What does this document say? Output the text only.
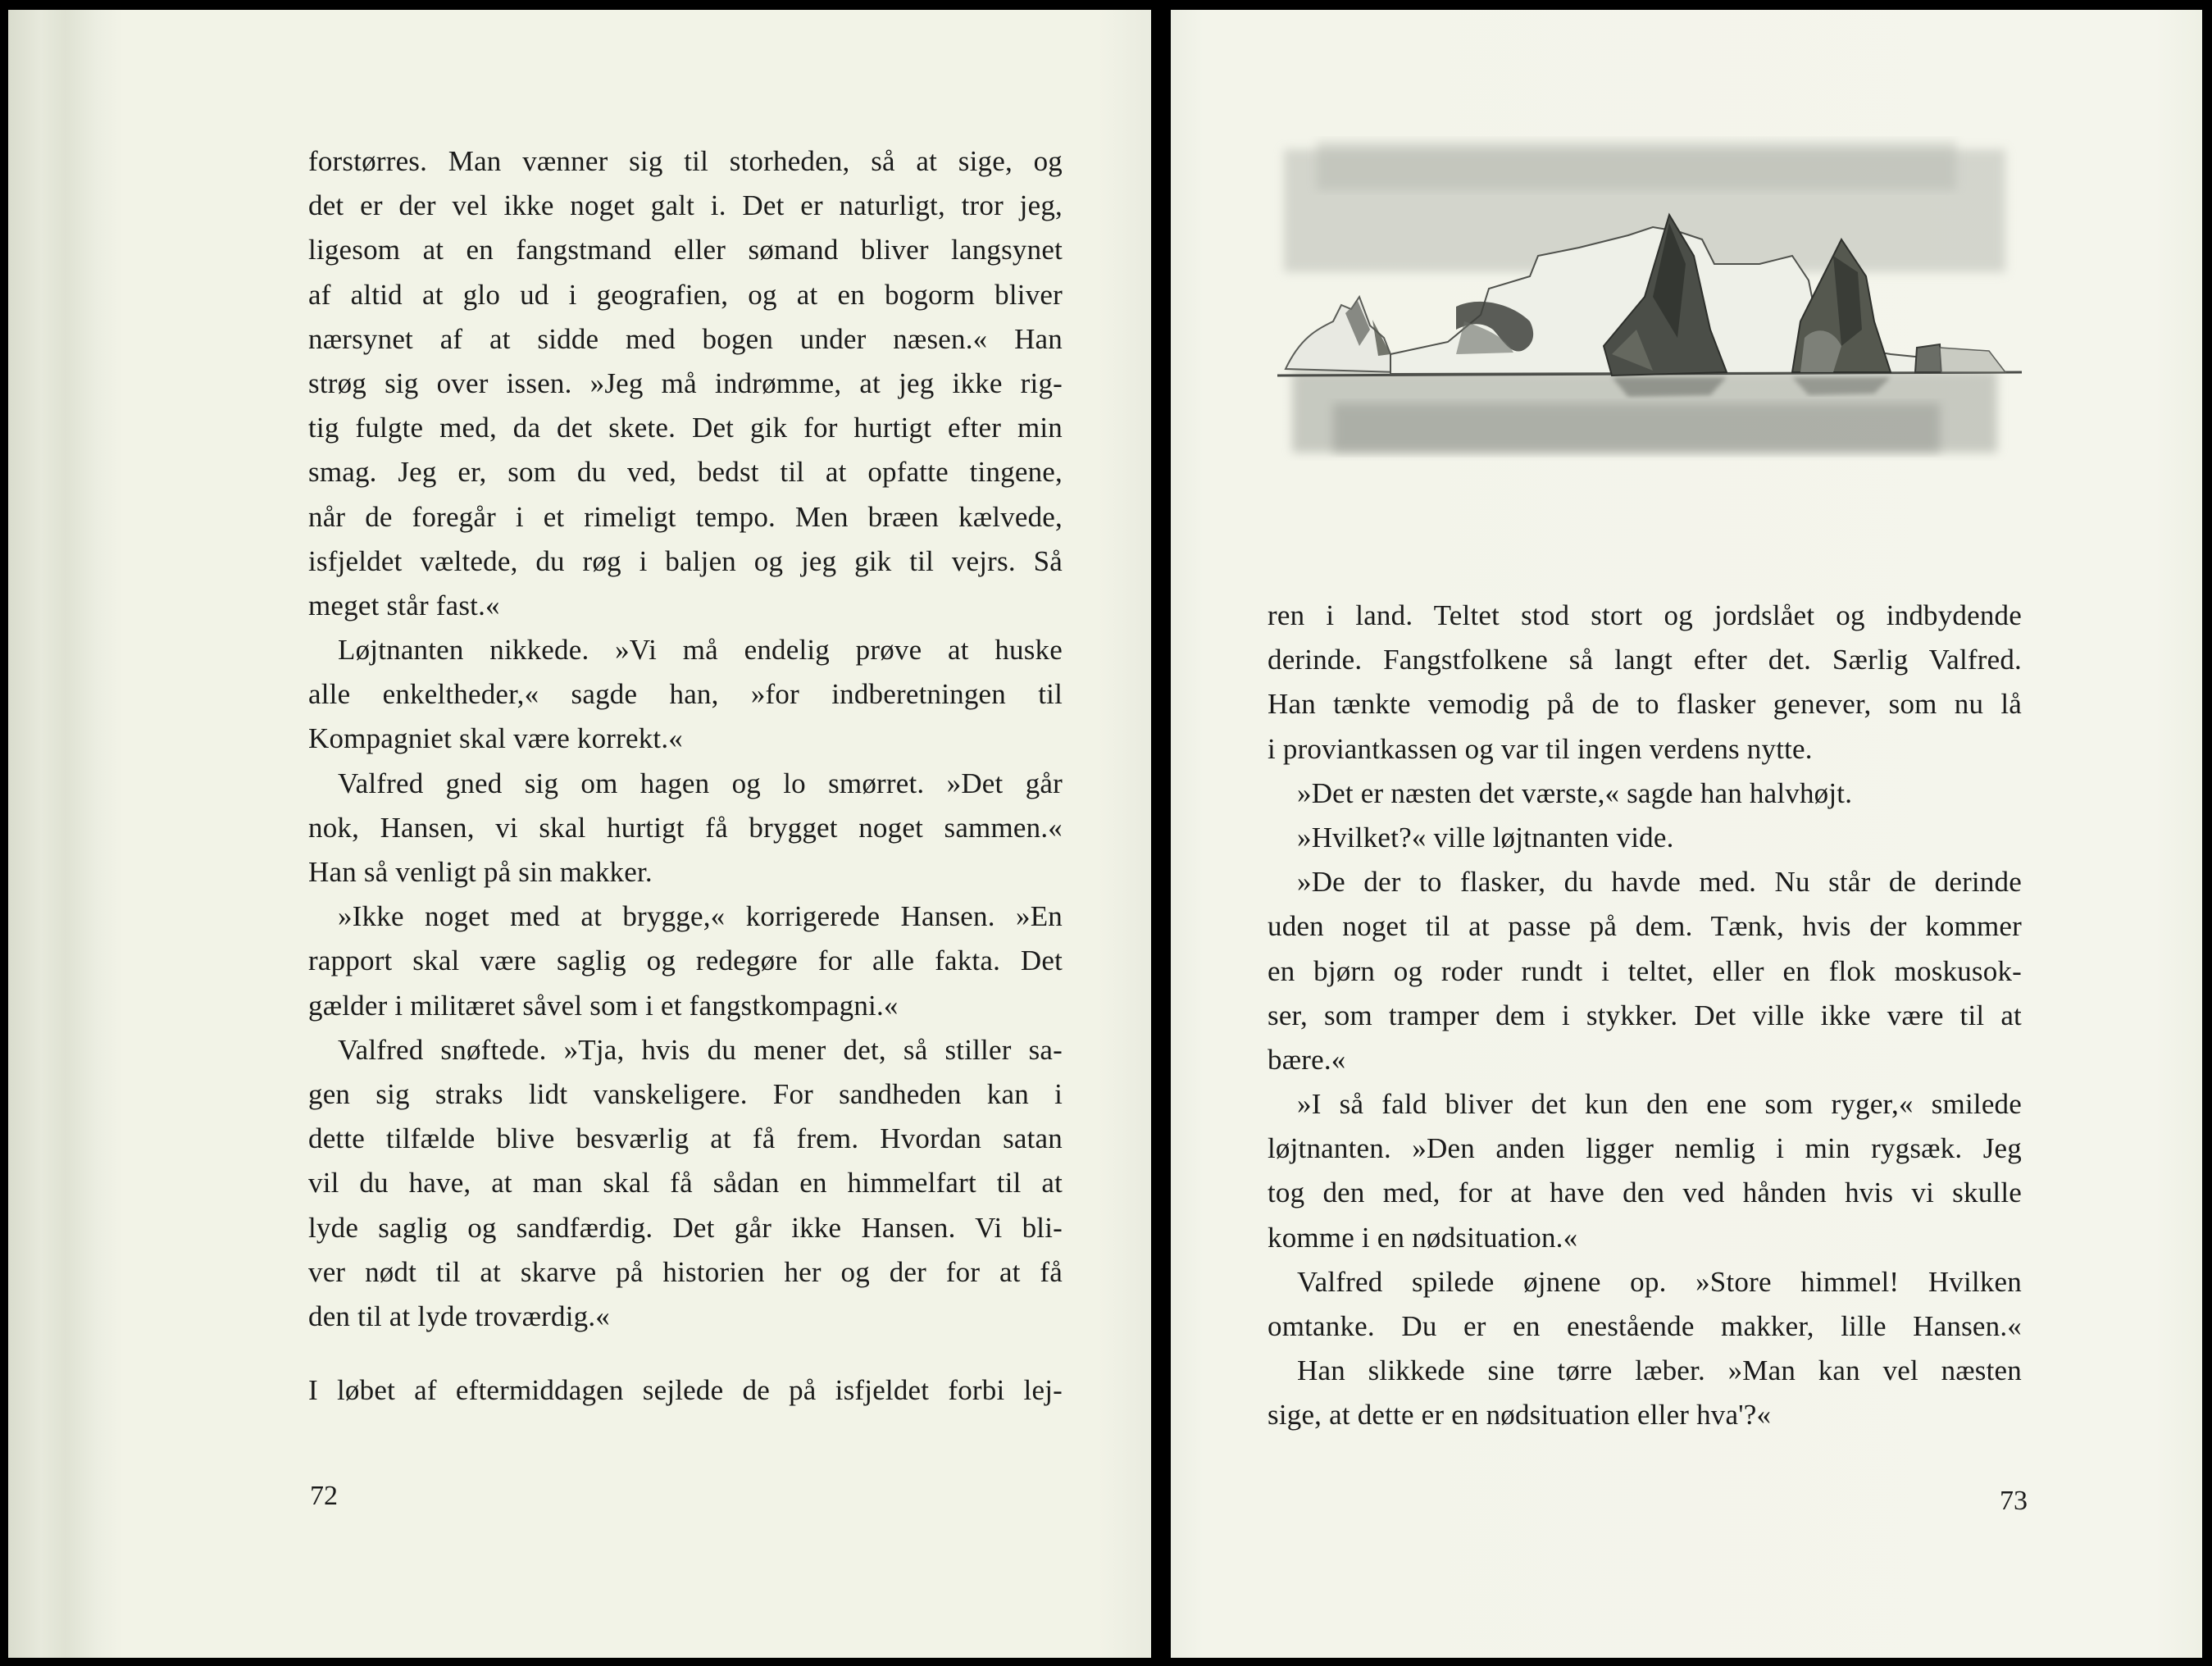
forstørres. Man vænner sig til storheden, så at sige, og
det er der vel ikke noget galt i. Det er naturligt, tror jeg,
ligesom at en fangstmand eller sømand bliver langsynet
af altid at glo ud i geografien, og at en bogorm bliver
nærsynet af at sidde med bogen under næsen.« Han
strøg sig over issen. »Jeg må indrømme, at jeg ikke rig-
tig fulgte med, da det skete. Det gik for hurtigt efter min
smag. Jeg er, som du ved, bedst til at opfatte tingene,
når de foregår i et rimeligt tempo. Men bræen kælvede,
isfjeldet væltede, du røg i baljen og jeg gik til vejrs. Så
meget står fast.«
Løjtnanten nikkede. »Vi må endelig prøve at huske
alle enkeltheder,« sagde han, »for indberetningen til
Kompagniet skal være korrekt.«
Valfred gned sig om hagen og lo smørret. »Det går
nok, Hansen, vi skal hurtigt få brygget noget sammen.«
Han så venligt på sin makker.
»Ikke noget med at brygge,« korrigerede Hansen. »En
rapport skal være saglig og redegøre for alle fakta. Det
gælder i militæret såvel som i et fangstkompagni.«
Valfred snøftede. »Tja, hvis du mener det, så stiller sa-
gen sig straks lidt vanskeligere. For sandheden kan i
dette tilfælde blive besværlig at få frem. Hvordan satan
vil du have, at man skal få sådan en himmelfart til at
lyde saglig og sandfærdig. Det går ikke Hansen. Vi bli-
ver nødt til at skarve på historien her og der for at få
den til at lyde troværdig.«
I løbet af eftermiddagen sejlede de på isfjeldet forbi lej-
72
ren i land. Teltet stod stort og jordslået og indbydende
derinde. Fangstfolkene så langt efter det. Særlig Valfred.
Han tænkte vemodig på de to flasker genever, som nu lå
i proviantkassen og var til ingen verdens nytte.
»Det er næsten det værste,« sagde han halvhøjt.
»Hvilket?« ville løjtnanten vide.
»De der to flasker, du havde med. Nu står de derinde
uden noget til at passe på dem. Tænk, hvis der kommer
en bjørn og roder rundt i teltet, eller en flok moskusok-
ser, som tramper dem i stykker. Det ville ikke være til at
bære.«
»I så fald bliver det kun den ene som ryger,« smilede
løjtnanten. »Den anden ligger nemlig i min rygsæk. Jeg
tog den med, for at have den ved hånden hvis vi skulle
komme i en nødsituation.«
Valfred spilede øjnene op. »Store himmel! Hvilken
omtanke. Du er en enestående makker, lille Hansen.«
Han slikkede sine tørre læber. »Man kan vel næsten
sige, at dette er en nødsituation eller hva'?«
73
